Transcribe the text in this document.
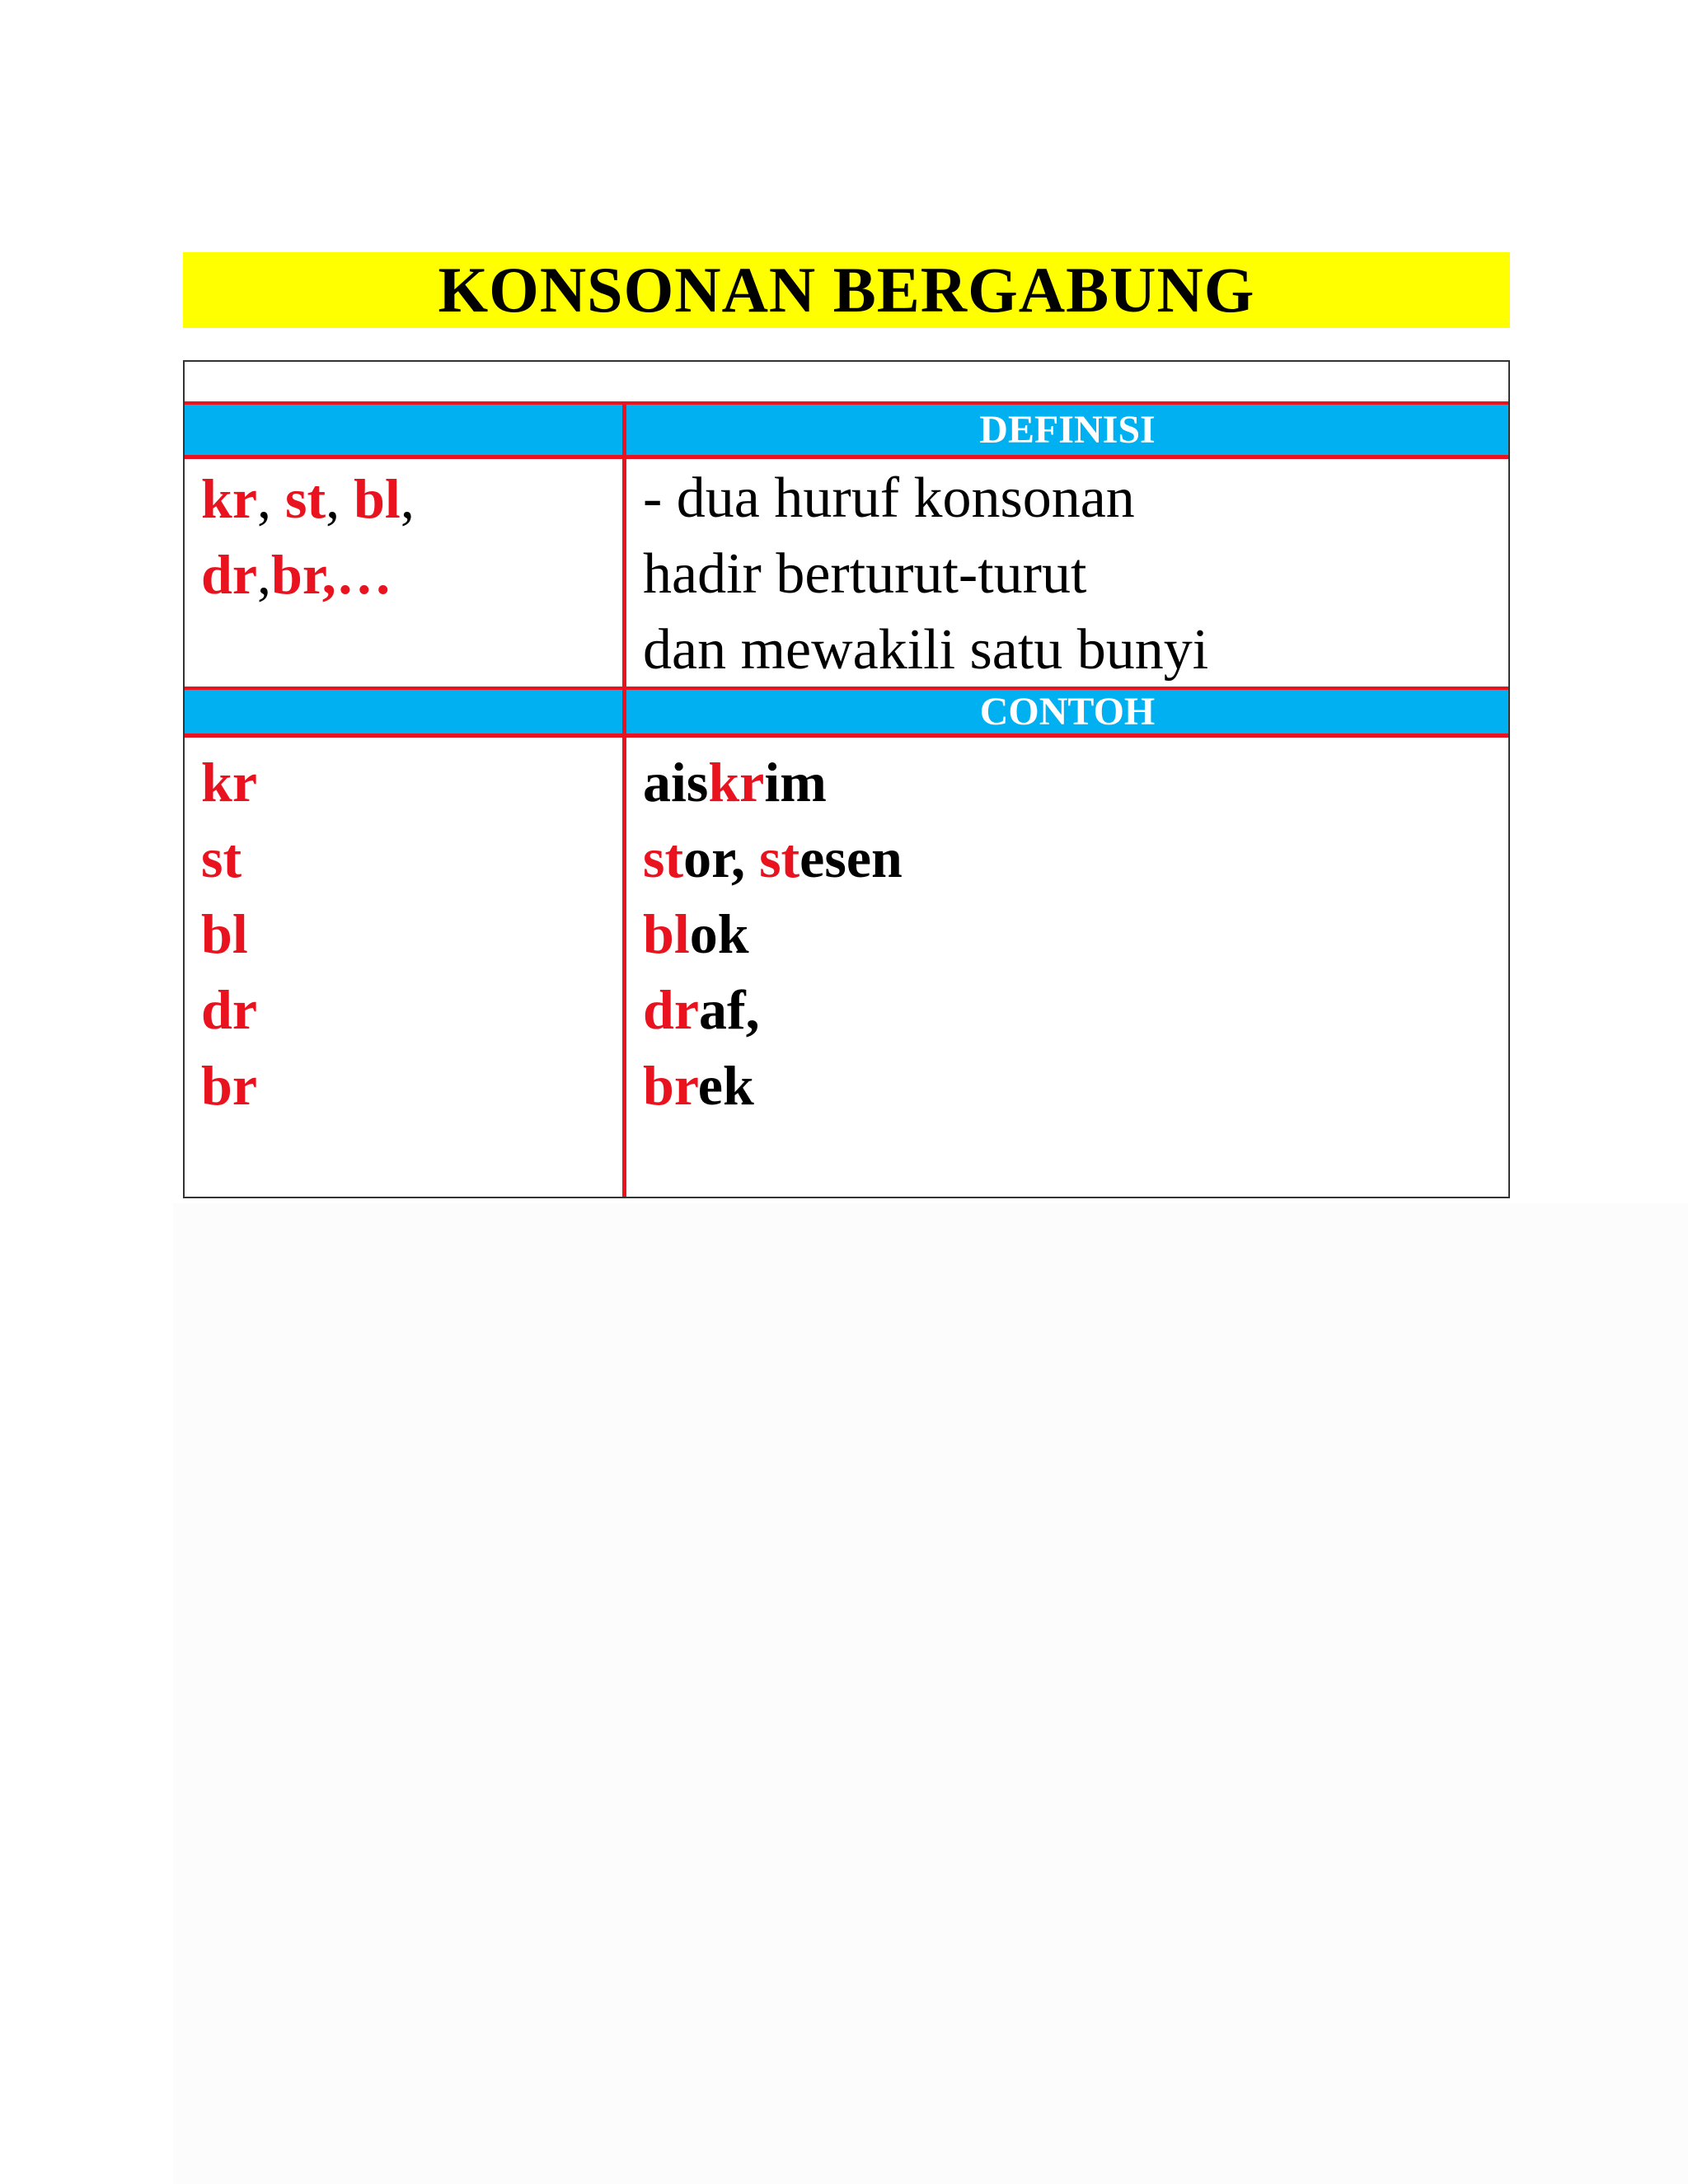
KONSONAN BERGABUNG
DEFINISI
CONTOH
kr, st, bl,
dr,br,…
- dua huruf konsonan
hadir berturut-turut
dan mewakili satu bunyi
kr
st
bl
dr
br
aiskrim
stor, stesen
blok
draf,
brek
